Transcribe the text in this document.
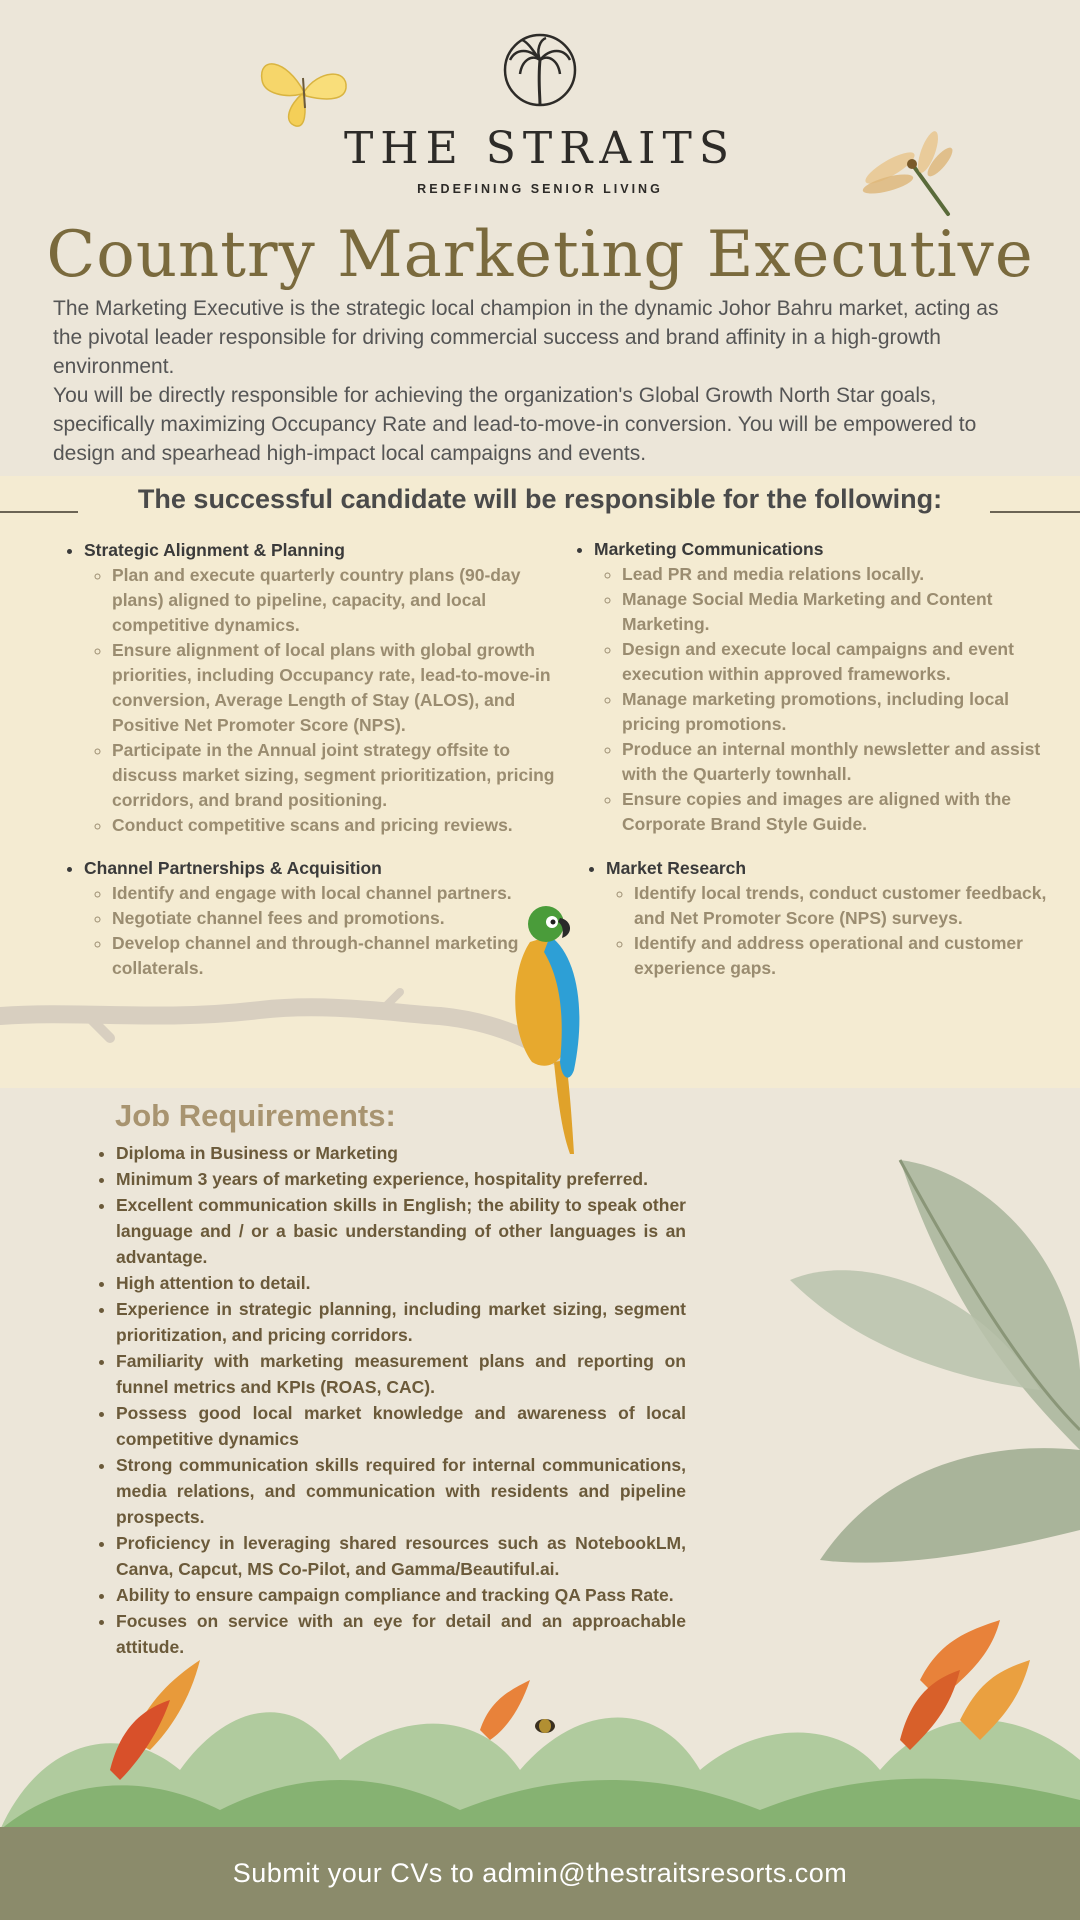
THE STRAITS
REDEFINING SENIOR LIVING
Country Marketing Executive

The Marketing Executive is the strategic local champion in the dynamic Johor Bahru market, acting as the pivotal leader responsible for driving commercial success and brand affinity in a high-growth environment.

You will be directly responsible for achieving the organization's Global Growth North Star goals, specifically maximizing Occupancy Rate and lead-to-move-in conversion. You will be empowered to design and spearhead high-impact local campaigns and events.

The successful candidate will be responsible for the following:
• Strategic Alignment & Planning
◦ Plan and execute quarterly country plans (90-day plans) aligned to pipeline, capacity, and local competitive dynamics.
◦ Ensure alignment of local plans with global growth priorities, including Occupancy rate, lead-to-move-in conversion, Average Length of Stay (ALOS), and Positive Net Promoter Score (NPS).
◦ Participate in the Annual joint strategy offsite to discuss market sizing, segment prioritization, pricing corridors, and brand positioning.
◦ Conduct competitive scans and pricing reviews.
• Marketing Communications
◦ Lead PR and media relations locally.
◦ Manage Social Media Marketing and Content Marketing.
◦ Design and execute local campaigns and event execution within approved frameworks.
◦ Manage marketing promotions, including local pricing promotions.
◦ Produce an internal monthly newsletter and assist with the Quarterly townhall.
◦ Ensure copies and images are aligned with the Corporate Brand Style Guide.
• Channel Partnerships & Acquisition
◦ Identify and engage with local channel partners.
◦ Negotiate channel fees and promotions.
◦ Develop channel and through-channel marketing collaterals.
• Market Research
◦ Identify local trends, conduct customer feedback, and Net Promoter Score (NPS) surveys.
◦ Identify and address operational and customer experience gaps.
Job Requirements:
• Diploma in Business or Marketing
• Minimum 3 years of marketing experience, hospitality preferred.
• Excellent communication skills in English; the ability to speak other language and / or a basic understanding of other languages is an advantage.
• High attention to detail.
• Experience in strategic planning, including market sizing, segment prioritization, and pricing corridors.
• Familiarity with marketing measurement plans and reporting on funnel metrics and KPIs (ROAS, CAC).
• Possess good local market knowledge and awareness of local competitive dynamics
• Strong communication skills required for internal communications, media relations, and communication with residents and pipeline prospects.
• Proficiency in leveraging shared resources such as NotebookLM, Canva, Capcut, MS Co-Pilot, and Gamma/Beautiful.ai.
• Ability to ensure campaign compliance and tracking QA Pass Rate.
• Focuses on service with an eye for detail and an approachable attitude.
Submit your CVs to admin@thestraitsresorts.com
